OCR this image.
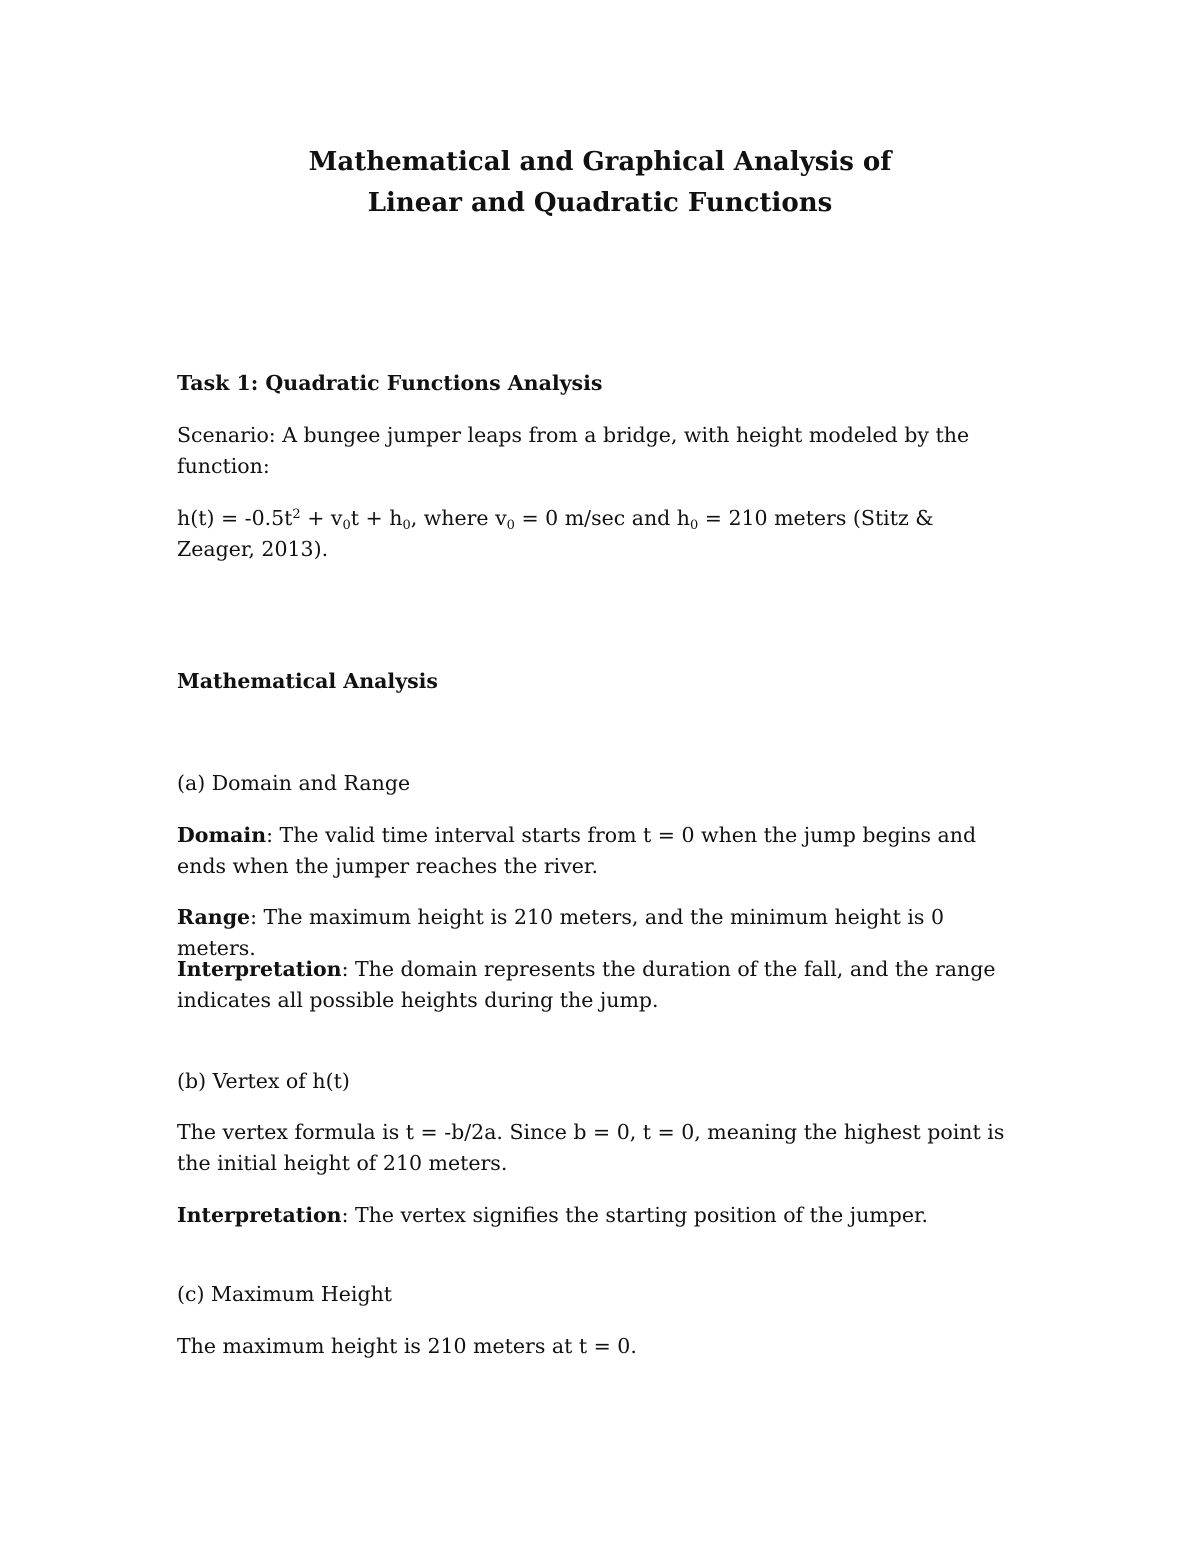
Mathematical and Graphical Analysis of

Linear and Quadratic Functions

Task 1: Quadratic Functions Analysis

Scenario: A bungee jumper leaps from a bridge, with height modeled by the function:

$h(t) = -0.5t^2 + v_0t + h_0$, where $v_0 = 0$ m/sec and $h_0 = 210$ meters (Stitz & Zeager, 2013).

Mathematical Analysis

(a) Domain and Range

Domain: The valid time interval starts from t = 0 when the jump begins and ends when the jumper reaches the river.

Range: The maximum height is 210 meters, and the minimum height is 0 meters.

Interpretation: The domain represents the duration of the fall, and the range indicates all possible heights during the jump.

(b) Vertex of h(t)

The vertex formula is t = -b/2a. Since b = 0, t = 0, meaning the highest point is the initial height of 210 meters.

Interpretation: The vertex signifies the starting position of the jumper.

(c) Maximum Height

The maximum height is 210 meters at t = 0.
